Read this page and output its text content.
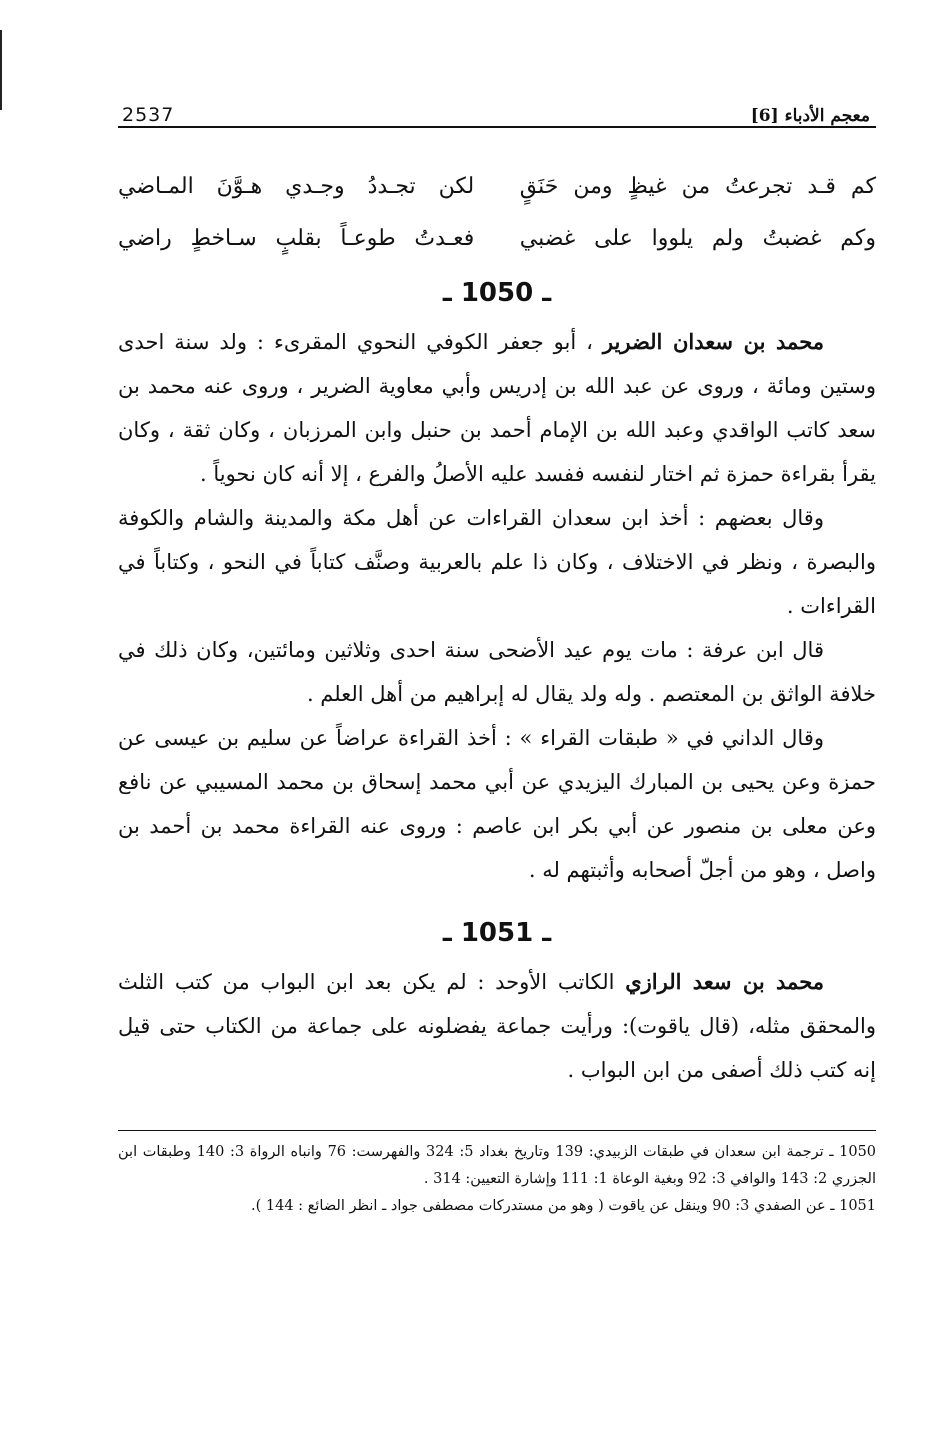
معجم الأدباء [6]
2537
كم قـد تجرعتُ من غيظٍ ومن حَنَقٍ
لكن تجـددُ وجـدي هـوَّنَ المـاضي
وكم غضبتُ ولم يلووا على غضبي
فعـدتُ طوعـاً بقلبٍ سـاخطٍ راضي
ـ 1050 ـ

محمد بن سعدان الضرير ، أبو جعفر الكوفي النحوي المقرىء : ولد سنة احدى وستين ومائة ، وروى عن عبد الله بن إدريس وأبي معاوية الضرير ، وروى عنه محمد بن سعد كاتب الواقدي وعبد الله بن الإمام أحمد بن حنبل وابن المرزبان ، وكان ثقة ، وكان يقرأ بقراءة حمزة ثم اختار لنفسه ففسد عليه الأصلُ والفرع ، إلا أنه كان نحوياً .

وقال بعضهم : أخذ ابن سعدان القراءات عن أهل مكة والمدينة والشام والكوفة والبصرة ، ونظر في الاختلاف ، وكان ذا علم بالعربية وصنَّف كتاباً في النحو ، وكتاباً في القراءات .

قال ابن عرفة : مات يوم عيد الأضحى سنة احدى وثلاثين ومائتين، وكان ذلك في خلافة الواثق بن المعتصم . وله ولد يقال له إبراهيم من أهل العلم .

وقال الداني في « طبقات القراء » : أخذ القراءة عراضاً عن سليم بن عيسى عن حمزة وعن يحيى بن المبارك اليزيدي عن أبي محمد إسحاق بن محمد المسيبي عن نافع وعن معلى بن منصور عن أبي بكر ابن عاصم : وروى عنه القراءة محمد بن أحمد بن واصل ، وهو من أجلّ أصحابه وأثبتهم له .

ـ 1051 ـ

محمد بن سعد الرازي الكاتب الأوحد : لم يكن بعد ابن البواب من كتب الثلث والمحقق مثله، (قال ياقوت): ورأيت جماعة يفضلونه على جماعة من الكتاب حتى قيل إنه كتب ذلك أصفى من ابن البواب .

1050 ـ ترجمة ابن سعدان في طبقات الزبيدي: 139 وتاريخ بغداد 5: 324 والفهرست: 76 وانباه الرواة 3: 140 وطبقات ابن الجزري 2: 143 والوافي 3: 92 وبغية الوعاة 1: 111 وإشارة التعيين: 314 .

1051 ـ عن الصفدي 3: 90 وينقل عن ياقوت ( وهو من مستدركات مصطفى جواد ـ انظر الضائع : 144 ).
